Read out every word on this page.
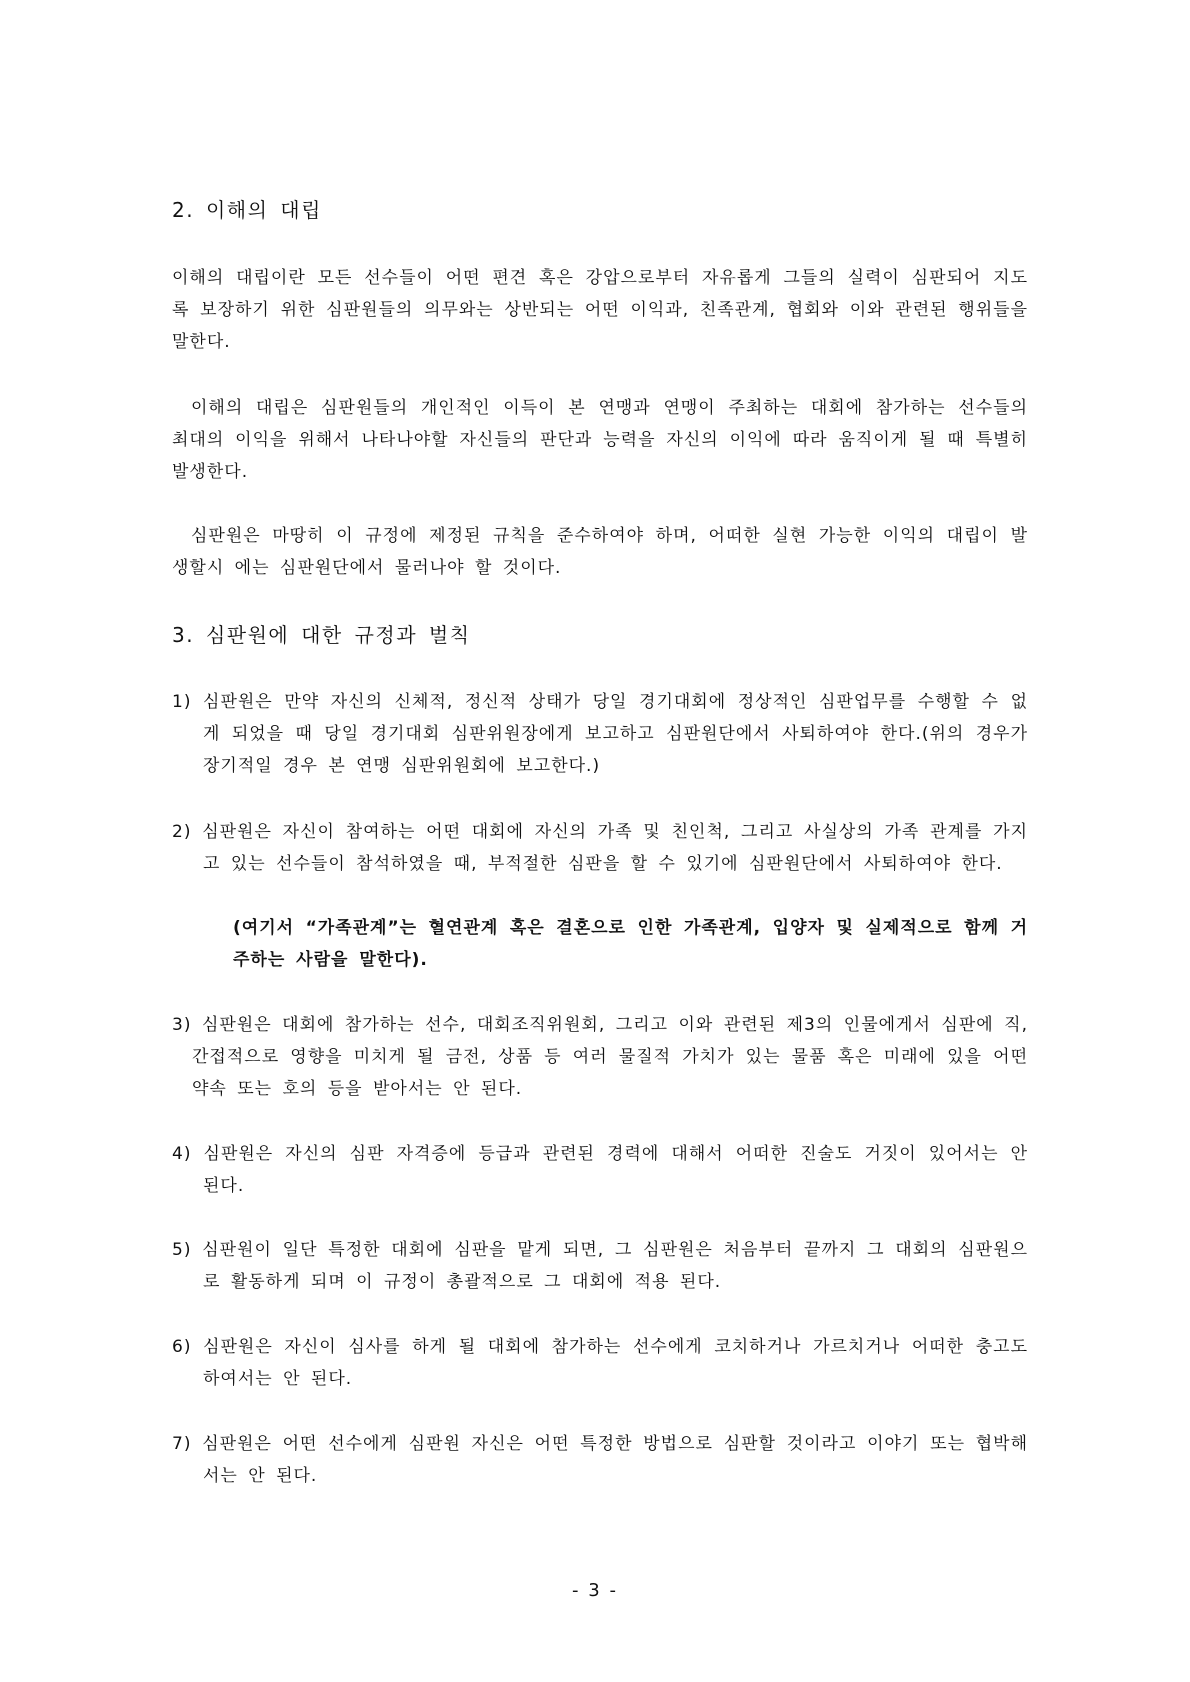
2. 이해의 대립

이해의 대립이란 모든 선수들이 어떤 편견 혹은 강압으로부터 자유롭게 그들의 실력이 심판되어 지도록 보장하기 위한 심판원들의 의무와는 상반되는 어떤 이익과, 친족관계, 협회와 이와 관련된 행위들을 말한다.

이해의 대립은 심판원들의 개인적인 이득이 본 연맹과 연맹이 주최하는 대회에 참가하는 선수들의 최대의 이익을 위해서 나타나야할 자신들의 판단과 능력을 자신의 이익에 따라 움직이게 될 때 특별히 발생한다.

심판원은 마땅히 이 규정에 제정된 규칙을 준수하여야 하며, 어떠한 실현 가능한 이익의 대립이 발생할시 에는 심판원단에서 물러나야 할 것이다.

3. 심판원에 대한 규정과 벌칙

1) 심판원은 만약 자신의 신체적, 정신적 상태가 당일 경기대회에 정상적인 심판업무를 수행할 수 없게 되었을 때 당일 경기대회 심판위원장에게 보고하고 심판원단에서 사퇴하여야 한다.(위의 경우가 장기적일 경우 본 연맹 심판위원회에 보고한다.)

2) 심판원은 자신이 참여하는 어떤 대회에 자신의 가족 및 친인척, 그리고 사실상의 가족 관계를 가지고 있는 선수들이 참석하였을 때, 부적절한 심판을 할 수 있기에 심판원단에서 사퇴하여야 한다.

(여기서 “가족관계”는 혈연관계 혹은 결혼으로 인한 가족관계, 입양자 및 실제적으로 함께 거주하는 사람을 말한다).

3) 심판원은 대회에 참가하는 선수, 대회조직위원회, 그리고 이와 관련된 제3의 인물에게서 심판에 직, 간접적으로 영향을 미치게 될 금전, 상품 등 여러 물질적 가치가 있는 물품 혹은 미래에 있을 어떤 약속 또는 호의 등을 받아서는 안 된다.

4) 심판원은 자신의 심판 자격증에 등급과 관련된 경력에 대해서 어떠한 진술도 거짓이 있어서는 안 된다.

5) 심판원이 일단 특정한 대회에 심판을 맡게 되면, 그 심판원은 처음부터 끝까지 그 대회의 심판원으로 활동하게 되며 이 규정이 총괄적으로 그 대회에 적용 된다.

6) 심판원은 자신이 심사를 하게 될 대회에 참가하는 선수에게 코치하거나 가르치거나 어떠한 충고도 하여서는 안 된다.

7) 심판원은 어떤 선수에게 심판원 자신은 어떤 특정한 방법으로 심판할 것이라고 이야기 또는 협박해서는 안 된다.

- 3 -
